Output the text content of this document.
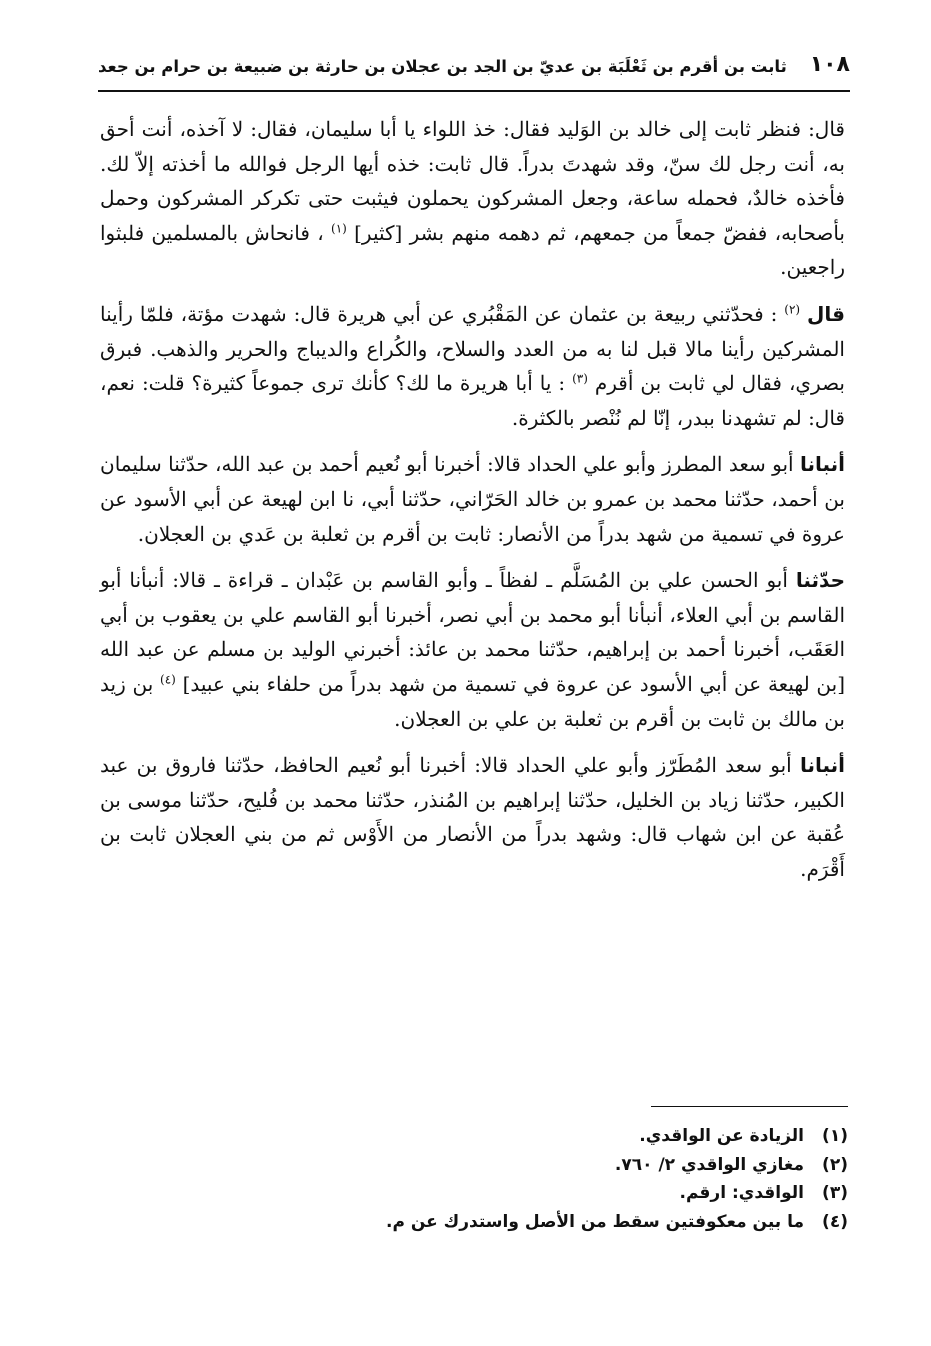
١٠٨
ثابت بن أقرم بن ثَعْلَبَة بن عديّ بن الجد بن عجلان بن حارثة بن ضبيعة بن حرام بن جعد

قال: فنظر ثابت إلى خالد بن الوَليد فقال: خذ اللواء يا أبا سليمان، فقال: لا آخذه، أنت أحق به، أنت رجل لك سنّ، وقد شهدتَ بدراً. قال ثابت: خذه أيها الرجل فوالله ما أخذته إلاّ لك. فأخذه خالدٌ، فحمله ساعة، وجعل المشركون يحملون فيثبت حتى تكركر المشركون وحمل بأصحابه، ففضّ جمعاً من جمعهم، ثم دهمه منهم بشر [كثير] $^{(١)}$ ، فانحاش بالمسلمين فلبثوا راجعين.

قال $^{(٢)}$ : فحدّثني ربيعة بن عثمان عن المَقْبُري عن أبي هريرة قال: شهدت مؤتة، فلمّا رأينا المشركين رأينا مالا قبل لنا به من العدد والسلاح، والكُراع والديباج والحرير والذهب. فبرق بصري، فقال لي ثابت بن أقرم $^{(٣)}$ : يا أبا هريرة ما لك؟ كأنك ترى جموعاً كثيرة؟ قلت: نعم، قال: لم تشهدنا ببدر، إنّا لم نُنْصر بالكثرة.

أنبانا أبو سعد المطرز وأبو علي الحداد قالا: أخبرنا أبو نُعيم أحمد بن عبد الله، حدّثنا سليمان بن أحمد، حدّثنا محمد بن عمرو بن خالد الحَرّاني، حدّثنا أبي، نا ابن لهيعة عن أبي الأسود عن عروة في تسمية من شهد بدراً من الأنصار: ثابت بن أقرم بن ثعلبة بن عَدي بن العجلان.

حدّثنا أبو الحسن علي بن المُسَلَّم ـ لفظاً ـ وأبو القاسم بن عَبْدان ـ قراءة ـ قالا: أنبأنا أبو القاسم بن أبي العلاء، أنبأنا أبو محمد بن أبي نصر، أخبرنا أبو القاسم علي بن يعقوب بن أبي العَقَب، أخبرنا أحمد بن إبراهيم، حدّثنا محمد بن عائذ: أخبرني الوليد بن مسلم عن عبد الله [بن لهيعة عن أبي الأسود عن عروة في تسمية من شهد بدراً من حلفاء بني عبيد] $^{(٤)}$ بن زيد بن مالك بن ثابت بن أقرم بن ثعلبة بن علي بن العجلان.

أنبانا أبو سعد المُطَرّز وأبو علي الحداد قالا: أخبرنا أبو نُعيم الحافظ، حدّثنا فاروق بن عبد الكبير، حدّثنا زياد بن الخليل، حدّثنا إبراهيم بن المُنذر، حدّثنا محمد بن فُليح، حدّثنا موسى بن عُقبة عن ابن شهاب قال: وشهد بدراً من الأنصار من الأَوْس ثم من بني العجلان ثابت بن أَقْرَم.

(١)
الزيادة عن الواقدي.
(٢)
مغازي الواقدي ٢/ ٧٦٠.
(٣)
الواقدي: ارقم.
(٤)
ما بين معكوفتين سقط من الأصل واستدرك عن م.
